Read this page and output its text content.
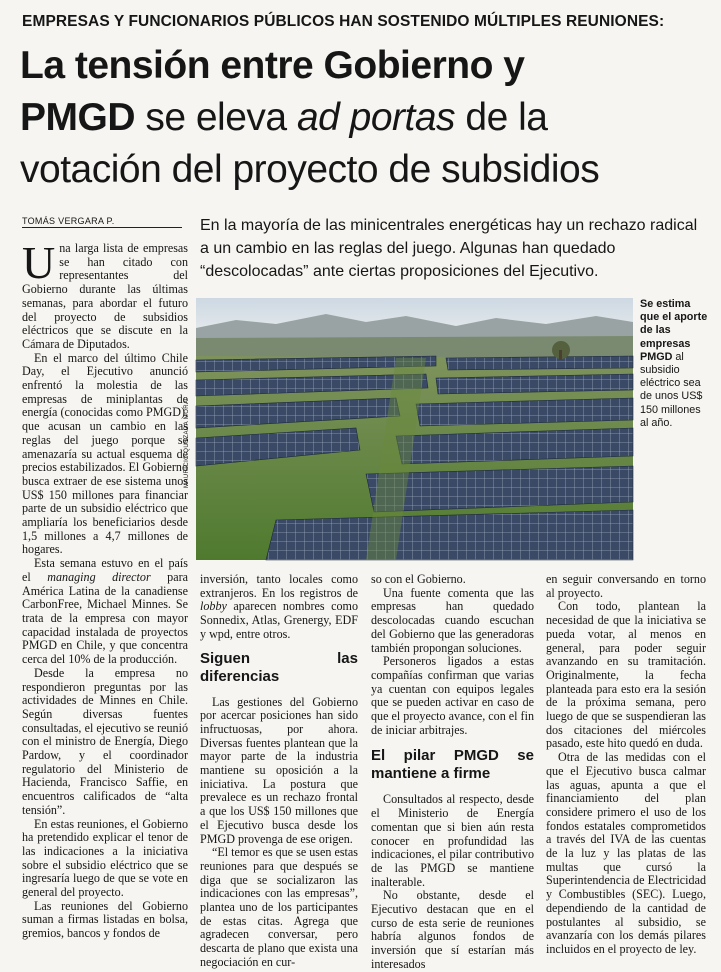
EMPRESAS Y FUNCIONARIOS PÚBLICOS HAN SOSTENIDO MÚLTIPLES REUNIONES:
La tensión entre Gobierno y
PMGD se eleva ad portas de la
votación del proyecto de subsidios
TOMÁS VERGARA P.	En la mayoría de las minicentrales energéticas hay un rechazo radical a un cambio en las reglas del juego. Algunas han quedado “descolocadas” ante ciertas proposiciones del Ejecutivo.
MAURICIO QUEZADA MORA
Se estima que el aporte de las empresas PMGD al subsidio eléctrico sea de unos US$ 150 millones al año.

Una larga lista de empresas se han citado con representantes del Gobierno durante las últimas semanas, para abordar el futuro del proyecto de subsidios eléctricos que se discute en la Cámara de Diputados.

En el marco del último Chile Day, el Ejecutivo anunció enfrentó la molestia de las empresas de miniplantas de energía (conocidas como PMGD), que acusan un cambio en las reglas del juego porque se amenazaría su actual esquema de precios estabilizados. El Gobierno busca extraer de ese sistema unos US$ 150 millones para financiar parte de un subsidio eléctrico que ampliaría los beneficiarios desde 1,5 millones a 4,7 millones de hogares.

Esta semana estuvo en el país el managing director para América Latina de la canadiense CarbonFree, Michael Minnes. Se trata de la empresa con mayor capacidad instalada de proyectos PMGD en Chile, y que concentra cerca del 10% de la producción.

Desde la empresa no respondieron preguntas por las actividades de Minnes en Chile. Según diversas fuentes consultadas, el ejecutivo se reunió con el ministro de Energía, Diego Pardow, y el coordinador regulatorio del Ministerio de Hacienda, Francisco Saffie, en encuentros calificados de “alta tensión”.

En estas reuniones, el Gobierno ha pretendido explicar el tenor de las indicaciones a la iniciativa sobre el subsidio eléctrico que se ingresaría luego de que se vote en general del proyecto.

Las reuniones del Gobierno suman a firmas listadas en bolsa, gremios, bancos y fondos de

inversión, tanto locales como extranjeros. En los registros de lobby aparecen nombres como Sonnedix, Atlas, Grenergy, EDF y wpd, entre otros.

Siguen las diferencias

Las gestiones del Gobierno por acercar posiciones han sido infructuosas, por ahora. Diversas fuentes plantean que la mayor parte de la industria mantiene su oposición a la iniciativa. La postura que prevalece es un rechazo frontal a que los US$ 150 millones que el Ejecutivo busca desde los PMGD provenga de ese origen.

“El temor es que se usen estas reuniones para que después se diga que se socializaron las indicaciones con las empresas”, plantea uno de los participantes de estas citas. Agrega que agradecen conversar, pero descarta de plano que exista una negociación en cur-

so con el Gobierno.

Una fuente comenta que las empresas han quedado descolocadas cuando escuchan del Gobierno que las generadoras también propongan soluciones.

Personeros ligados a estas compañías confirman que varias ya cuentan con equipos legales que se pueden activar en caso de que el proyecto avance, con el fin de iniciar arbitrajes.

El pilar PMGD se mantiene a firme

Consultados al respecto, desde el Ministerio de Energía comentan que si bien aún resta conocer en profundidad las indicaciones, el pilar contributivo de las PMGD se mantiene inalterable.

No obstante, desde el Ejecutivo destacan que en el curso de esta serie de reuniones habría algunos fondos de inversión que sí estarían más interesados

en seguir conversando en torno al proyecto.

Con todo, plantean la necesidad de que la iniciativa se pueda votar, al menos en general, para poder seguir avanzando en su tramitación. Originalmente, la fecha planteada para esto era la sesión de la próxima semana, pero luego de que se suspendieran las dos citaciones del miércoles pasado, este hito quedó en duda.

Otra de las medidas con el que el Ejecutivo busca calmar las aguas, apunta a que el financiamiento del plan considere primero el uso de los fondos estatales comprometidos a través del IVA de las cuentas de la luz y las platas de las multas que cursó la Superintendencia de Electricidad y Combustibles (SEC). Luego, dependiendo de la cantidad de postulantes al subsidio, se avanzaría con los demás pilares incluidos en el proyecto de ley.
